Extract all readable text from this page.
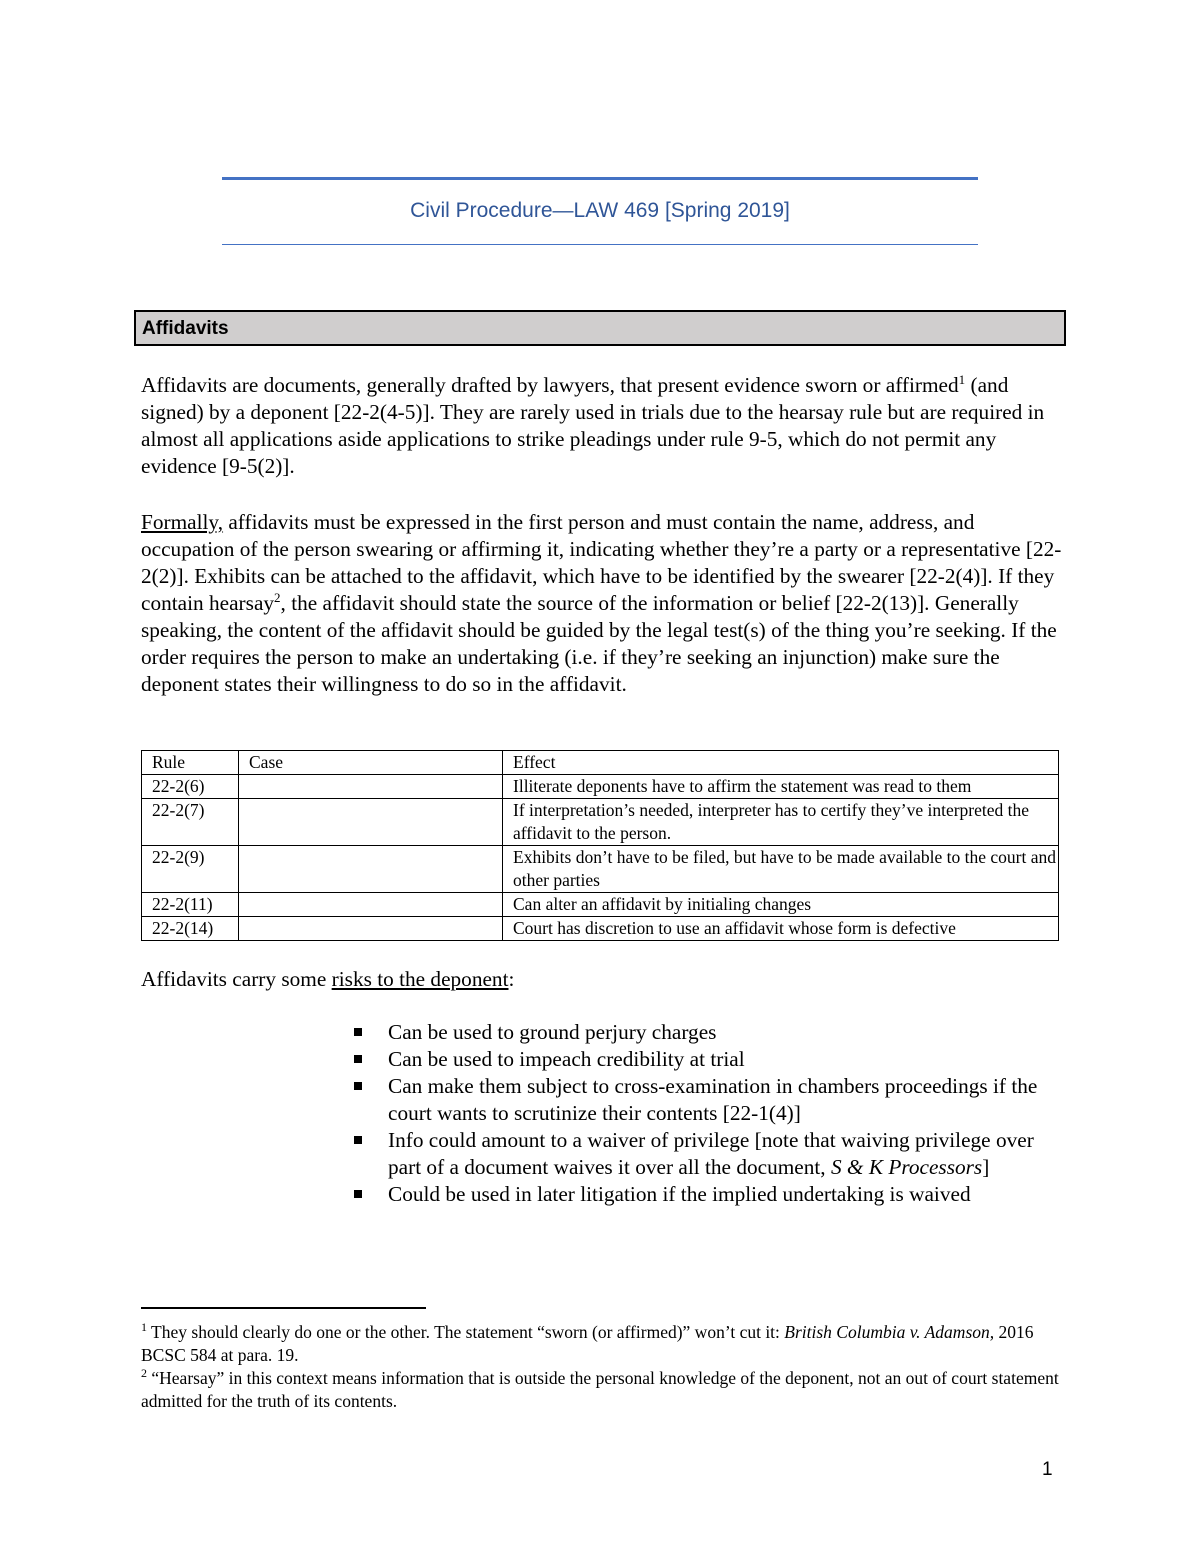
Civil Procedure—LAW 469 [Spring 2019]
Affidavits
Affidavits are documents, generally drafted by lawyers, that present evidence sworn or affirmed$^1$ (and signed) by a deponent [22-2(4-5)]. They are rarely used in trials due to the hearsay rule but are required in almost all applications aside applications to strike pleadings under rule 9-5, which do not permit any evidence [9-5(2)].
Formally, affidavits must be expressed in the first person and must contain the name, address, and occupation of the person swearing or affirming it, indicating whether they’re a party or a representative [22-2(2)]. Exhibits can be attached to the affidavit, which have to be identified by the swearer [22-2(4)]. If they contain hearsay$^2$, the affidavit should state the source of the information or belief [22-2(13)]. Generally speaking, the content of the affidavit should be guided by the legal test(s) of the thing you’re seeking. If the order requires the person to make an undertaking (i.e. if they’re seeking an injunction) make sure the deponent states their willingness to do so in the affidavit.
Rule	Case	Effect
22-2(6)		Illiterate deponents have to affirm the statement was read to them
22-2(7)		If interpretation’s needed, interpreter has to certify they’ve interpreted the affidavit to the person.
22-2(9)		Exhibits don’t have to be filed, but have to be made available to the court and other parties
22-2(11)		Can alter an affidavit by initialing changes
22-2(14)		Court has discretion to use an affidavit whose form is defective
Affidavits carry some risks to the deponent:
Can be used to ground perjury charges
Can be used to impeach credibility at trial
Can make them subject to cross-examination in chambers proceedings if the court wants to scrutinize their contents [22-1(4)]
Info could amount to a waiver of privilege [note that waiving privilege over part of a document waives it over all the document, S & K Processors]
Could be used in later litigation if the implied undertaking is waived
$^1$ They should clearly do one or the other. The statement “sworn (or affirmed)” won’t cut it: British Columbia v. Adamson, 2016 BCSC 584 at para. 19.
$^2$ “Hearsay” in this context means information that is outside the personal knowledge of the deponent, not an out of court statement admitted for the truth of its contents.
1
